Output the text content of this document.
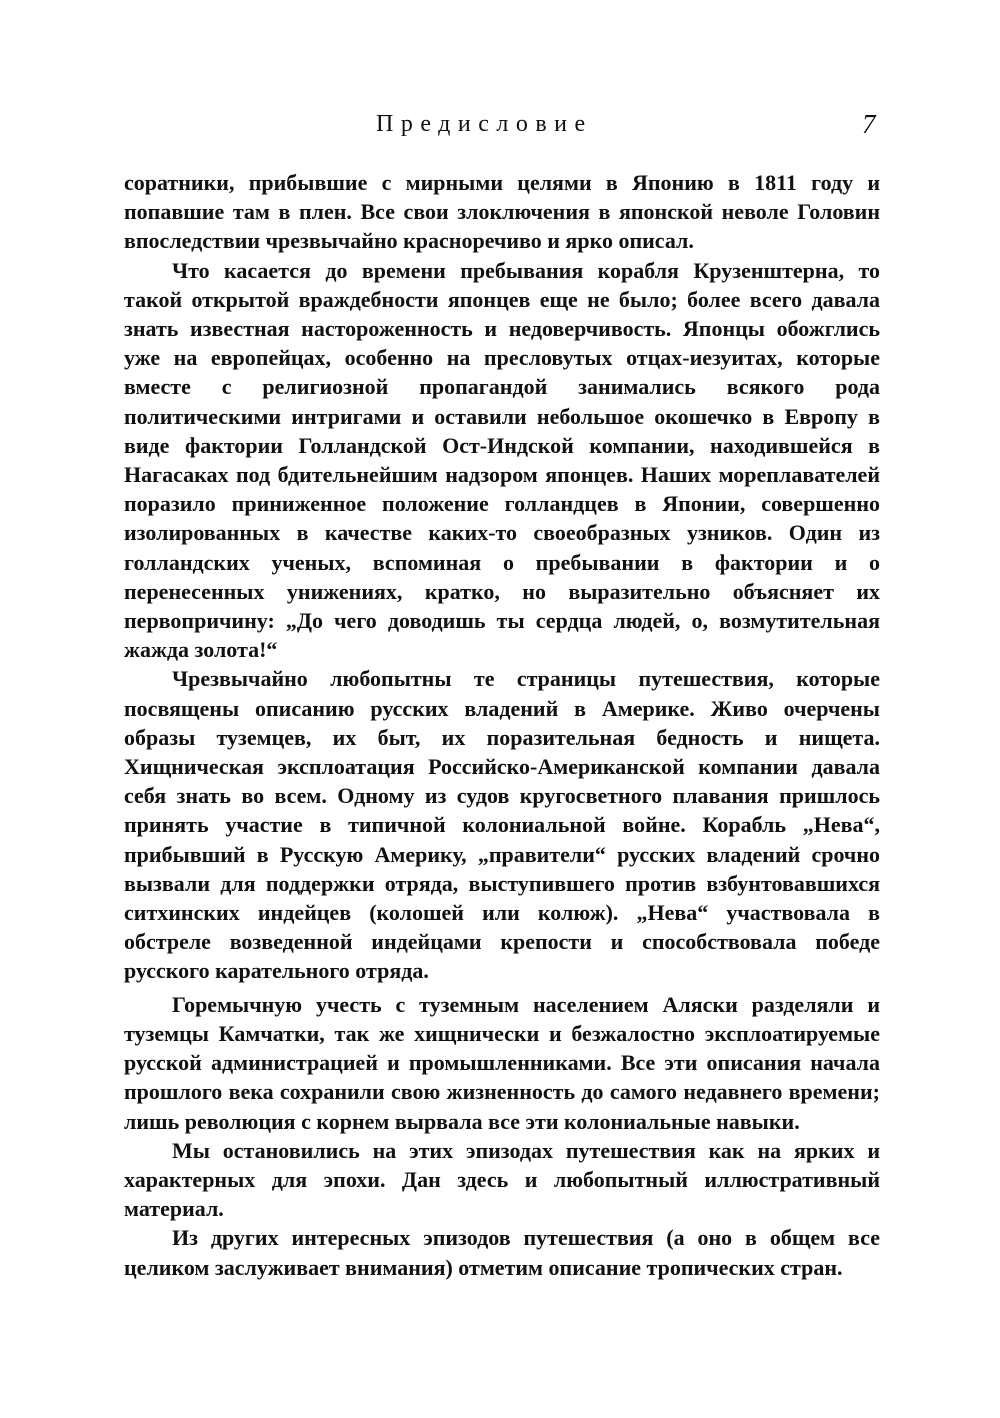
Предисловие	7

соратники, прибывшие с мирными целями в Японию в 1811 году и попавшие там в плен. Все свои злоключения в японской неволе Головин впоследствии чрезвычайно красноречиво и ярко описал.

Что касается до времени пребывания корабля Крузенштерна, то такой открытой враждебности японцев еще не было; более всего давала знать известная настороженность и недоверчивость. Японцы обожглись уже на европейцах, особенно на пресловутых отцах-иезуитах, которые вместе с религиозной пропагандой занимались всякого рода политическими интригами и оставили небольшое окошечко в Европу в виде фактории Голландской Ост-Индской компании, находившейся в Нагасаках под бдительнейшим надзором японцев. Наших мореплавателей поразило приниженное положение голландцев в Японии, совершенно изолированных в качестве каких-то своеобразных узников. Один из голландских ученых, вспоминая о пребывании в фактории и о перенесенных унижениях, кратко, но выразительно объясняет их первопричину: „До чего доводишь ты сердца людей, о, возмутительная жажда золота!“

Чрезвычайно любопытны те страницы путешествия, которые посвящены описанию русских владений в Америке. Живо очерчены образы туземцев, их быт, их поразительная бедность и нищета. Хищническая эксплоатация Российско-Американской компании давала себя знать во всем. Одному из судов кругосветного плавания пришлось принять участие в типичной колониальной войне. Корабль „Нева“, прибывший в Русскую Америку, „правители“ русских владений срочно вызвали для поддержки отряда, выступившего против взбунтовавшихся ситхинских индейцев (колошей или колюж). „Нева“ участвовала в обстреле возведенной индейцами крепости и способствовала победе русского карательного отряда.

Горемычную учесть с туземным населением Аляски разделяли и туземцы Камчатки, так же хищнически и безжалостно эксплоатируемые русской администрацией и промышленниками. Все эти описания начала прошлого века сохранили свою жизненность до самого недавнего времени; лишь революция с корнем вырвала все эти колониальные навыки.

Мы остановились на этих эпизодах путешествия как на ярких и характерных для эпохи. Дан здесь и любопытный иллюстративный материал.

Из других интересных эпизодов путешествия (а оно в общем все целиком заслуживает внимания) отметим описание тропических стран.
